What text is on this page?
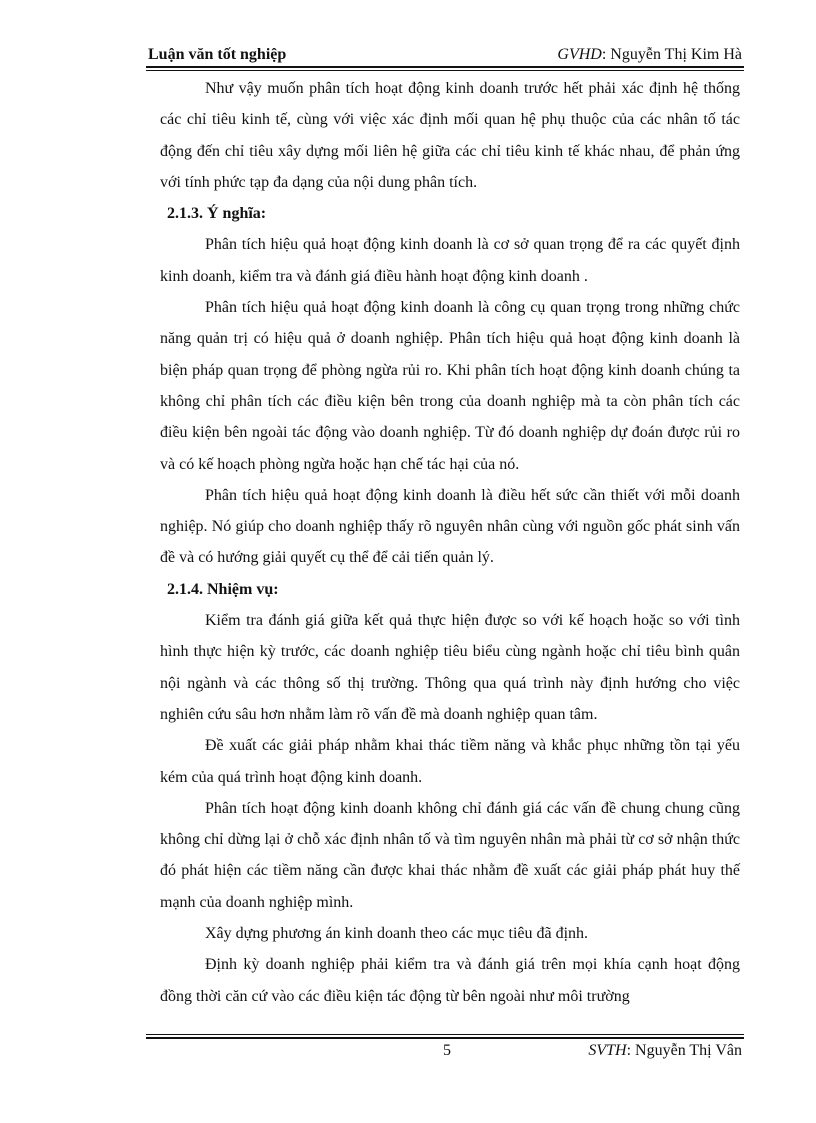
Luận văn tốt nghiệp	GVHD: Nguyễn Thị Kim Hà

Như vậy muốn phân tích hoạt động kinh doanh trước hết phải xác định hệ thống các chỉ tiêu kinh tế, cùng với việc xác định mối quan hệ phụ thuộc của các nhân tố tác động đến chỉ tiêu xây dựng mối liên hệ giữa các chỉ tiêu kinh tế khác nhau, để phản ứng với tính phức tạp đa dạng của nội dung phân tích.

2.1.3. Ý nghĩa:

Phân tích hiệu quả hoạt động kinh doanh là cơ sở quan trọng để ra các quyết định kinh doanh, kiểm tra và đánh giá điều hành hoạt động kinh doanh .

Phân tích hiệu quả hoạt động kinh doanh là công cụ quan trọng trong những chức năng quản trị có hiệu quả ở doanh nghiệp. Phân tích hiệu quả hoạt động kinh doanh là biện pháp quan trọng để phòng ngừa rủi ro. Khi phân tích hoạt động kinh doanh chúng ta không chỉ phân tích các điều kiện bên trong của doanh nghiệp mà ta còn phân tích các điều kiện bên ngoài tác động vào doanh nghiệp. Từ đó doanh nghiệp dự đoán được rủi ro và có kế hoạch phòng ngừa hoặc hạn chế tác hại của nó.

Phân tích hiệu quả hoạt động kinh doanh là điều hết sức cần thiết với mỗi doanh nghiệp. Nó giúp cho doanh nghiệp thấy rõ nguyên nhân cùng với nguồn gốc phát sinh vấn đề và có hướng giải quyết cụ thể để cải tiến quản lý.

2.1.4. Nhiệm vụ:

Kiểm tra đánh giá giữa kết quả thực hiện được so với kế hoạch hoặc so với tình hình thực hiện kỳ trước, các doanh nghiệp tiêu biểu cùng ngành hoặc chỉ tiêu bình quân nội ngành và các thông số thị trường. Thông qua quá trình này định hướng cho việc nghiên cứu sâu hơn nhằm làm rõ vấn đề mà doanh nghiệp quan tâm.

Đề xuất các giải pháp nhằm khai thác tiềm năng và khắc phục những tồn tại yếu kém của quá trình hoạt động kinh doanh.

Phân tích hoạt động kinh doanh không chỉ đánh giá các vấn đề chung chung cũng không chỉ dừng lại ở chỗ xác định nhân tố và tìm nguyên nhân mà phải từ cơ sở nhận thức đó phát hiện các tiềm năng cần được khai thác nhằm đề xuất các giải pháp phát huy thế mạnh của doanh nghiệp mình.

Xây dựng phương án kinh doanh theo các mục tiêu đã định.

Định kỳ doanh nghiệp phải kiểm tra và đánh giá trên mọi khía cạnh hoạt động đồng thời căn cứ vào các điều kiện tác động từ bên ngoài như môi trường

5	SVTH: Nguyễn Thị Vân
